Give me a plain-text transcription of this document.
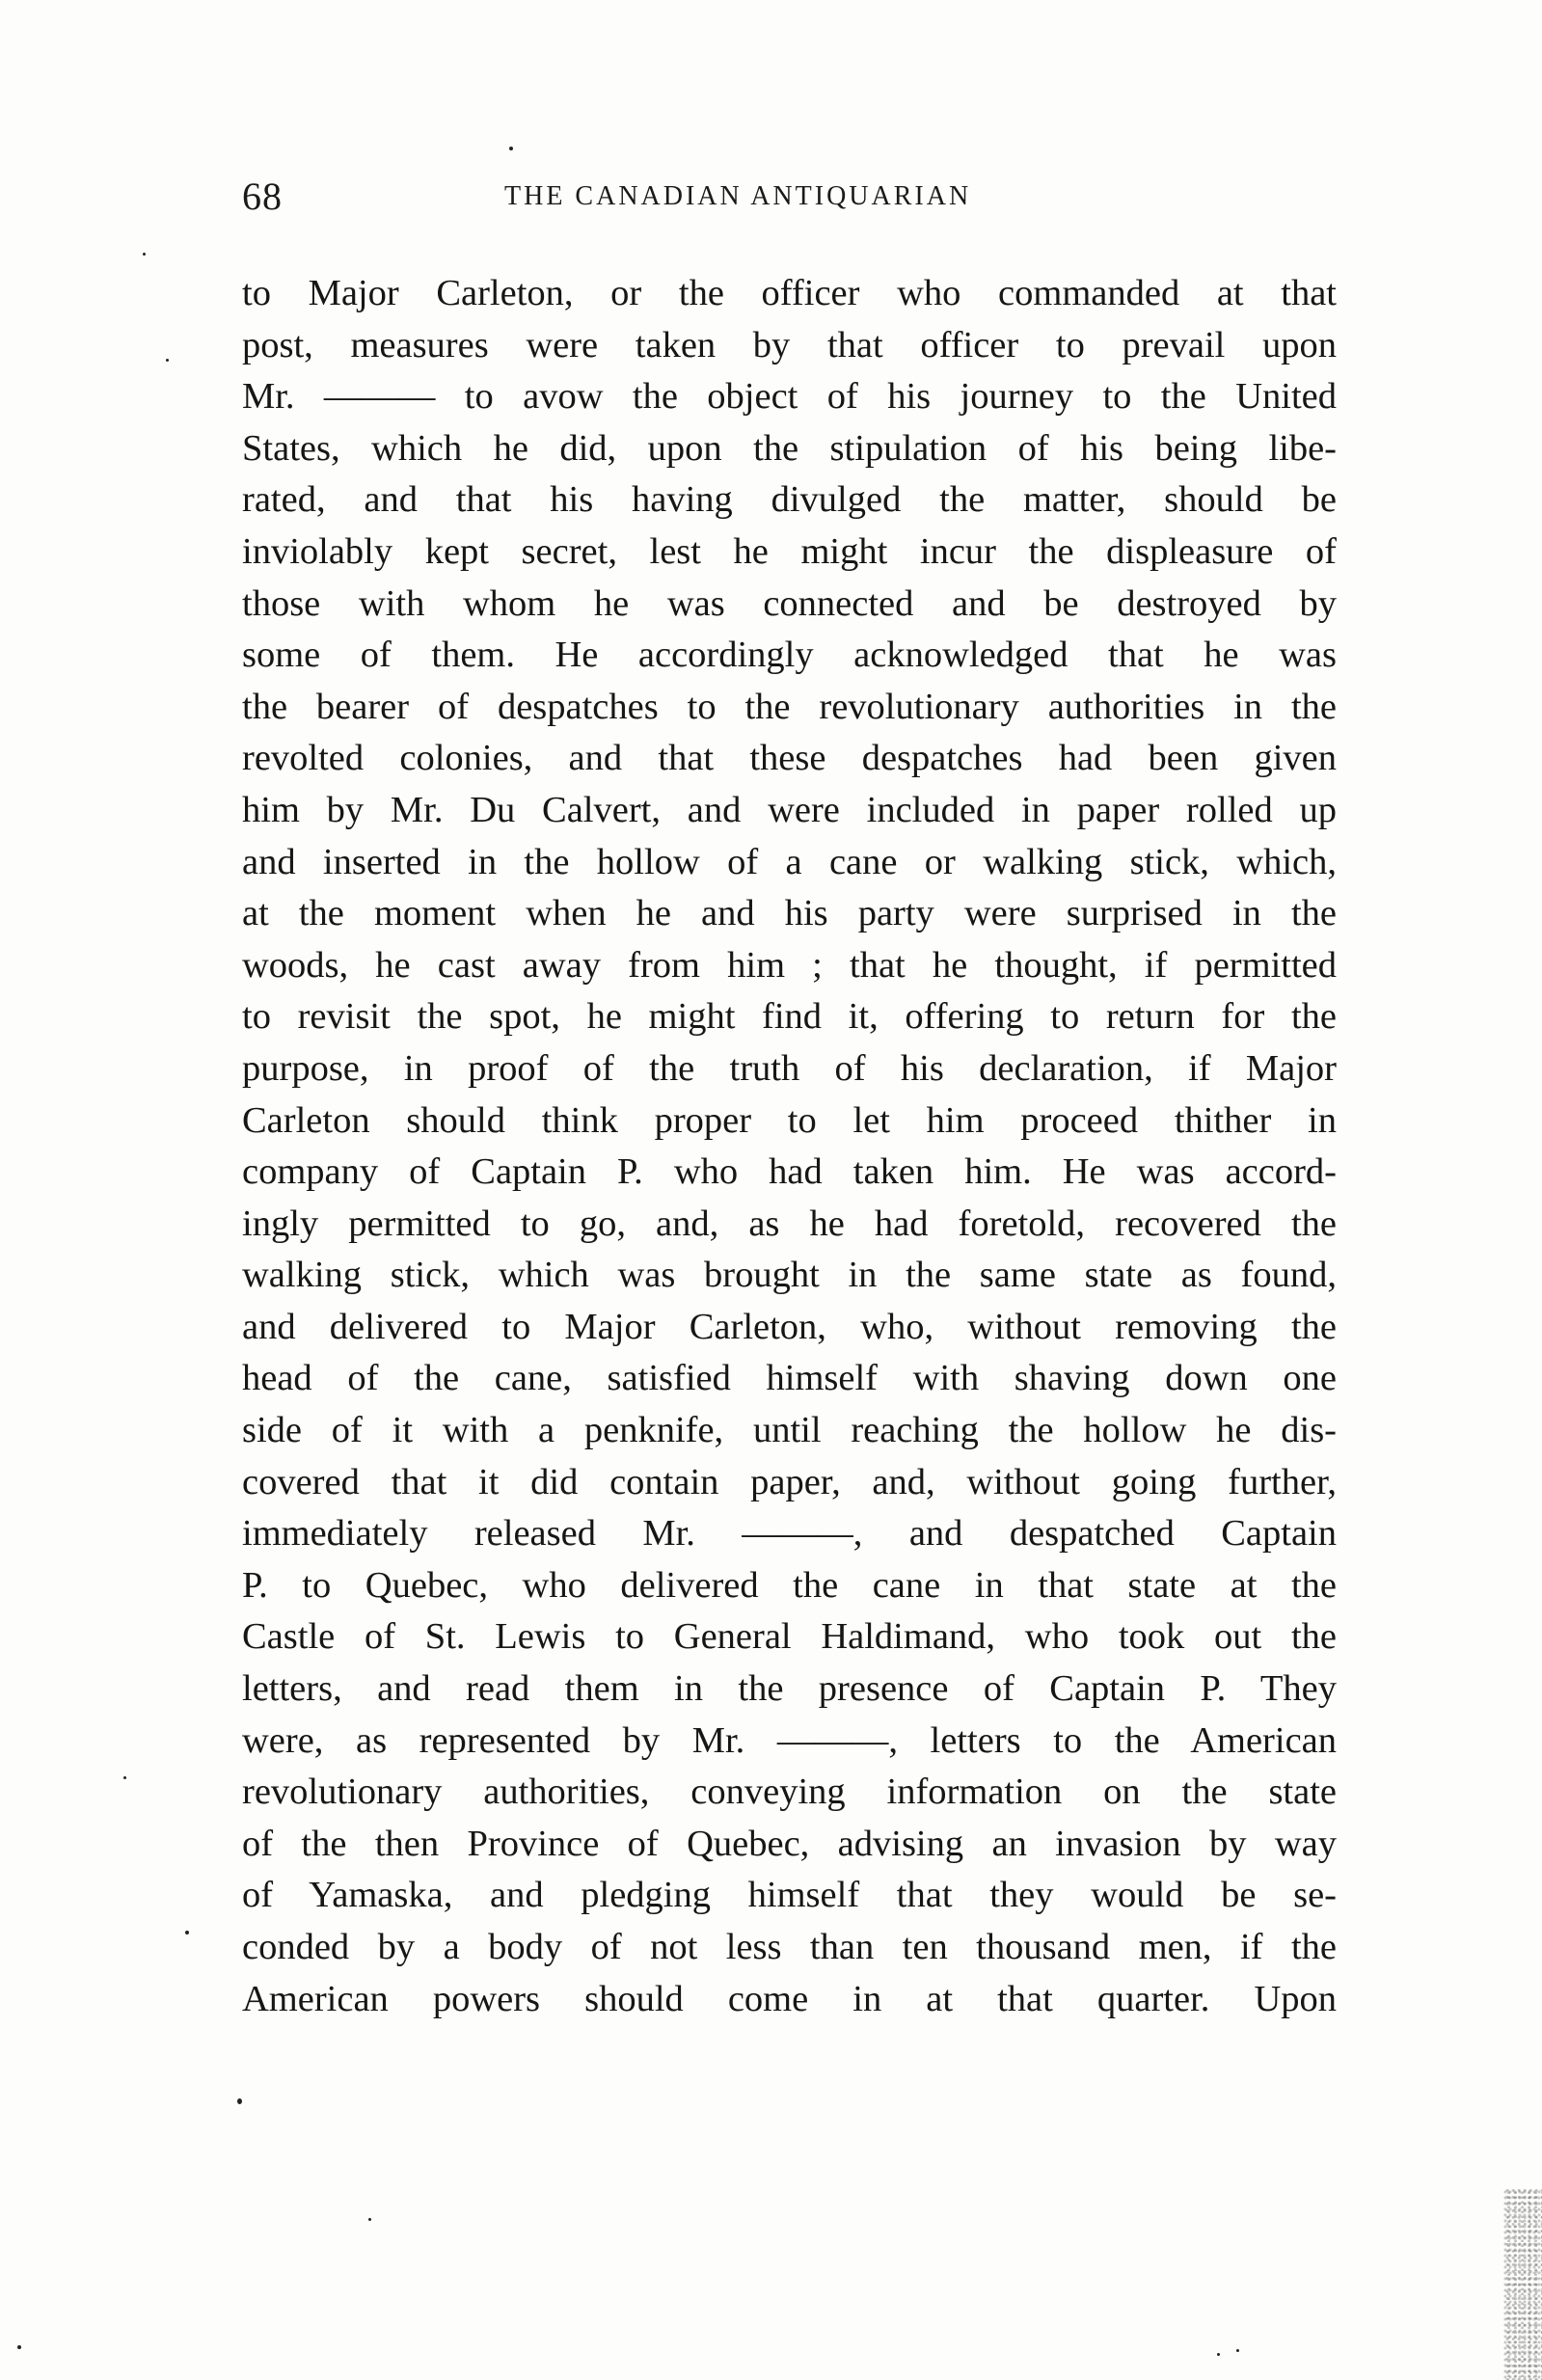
68	THE CANADIAN ANTIQUARIAN
to Major Carleton, or the officer who commanded at that
post, measures were taken by that officer to prevail upon
Mr. ——— to avow the object of his journey to the United
States, which he did, upon the stipulation of his being libe-
rated, and that his having divulged the matter, should be
inviolably kept secret, lest he might incur the displeasure of
those with whom he was connected and be destroyed by
some of them. He accordingly acknowledged that he was
the bearer of despatches to the revolutionary authorities in the
revolted colonies, and that these despatches had been given
him by Mr. Du Calvert, and were included in paper rolled up
and inserted in the hollow of a cane or walking stick, which,
at the moment when he and his party were surprised in the
woods, he cast away from him ; that he thought, if permitted
to revisit the spot, he might find it, offering to return for the
purpose, in proof of the truth of his declaration, if Major
Carleton should think proper to let him proceed thither in
company of Captain P. who had taken him. He was accord-
ingly permitted to go, and, as he had foretold, recovered the
walking stick, which was brought in the same state as found,
and delivered to Major Carleton, who, without removing the
head of the cane, satisfied himself with shaving down one
side of it with a penknife, until reaching the hollow he dis-
covered that it did contain paper, and, without going further,
immediately released Mr. ———, and despatched Captain
P. to Quebec, who delivered the cane in that state at the
Castle of St. Lewis to General Haldimand, who took out the
letters, and read them in the presence of Captain P. They
were, as represented by Mr. ———, letters to the American
revolutionary authorities, conveying information on the state
of the then Province of Quebec, advising an invasion by way
of Yamaska, and pledging himself that they would be se-
conded by a body of not less than ten thousand men, if the
American powers should come in at that quarter. Upon
